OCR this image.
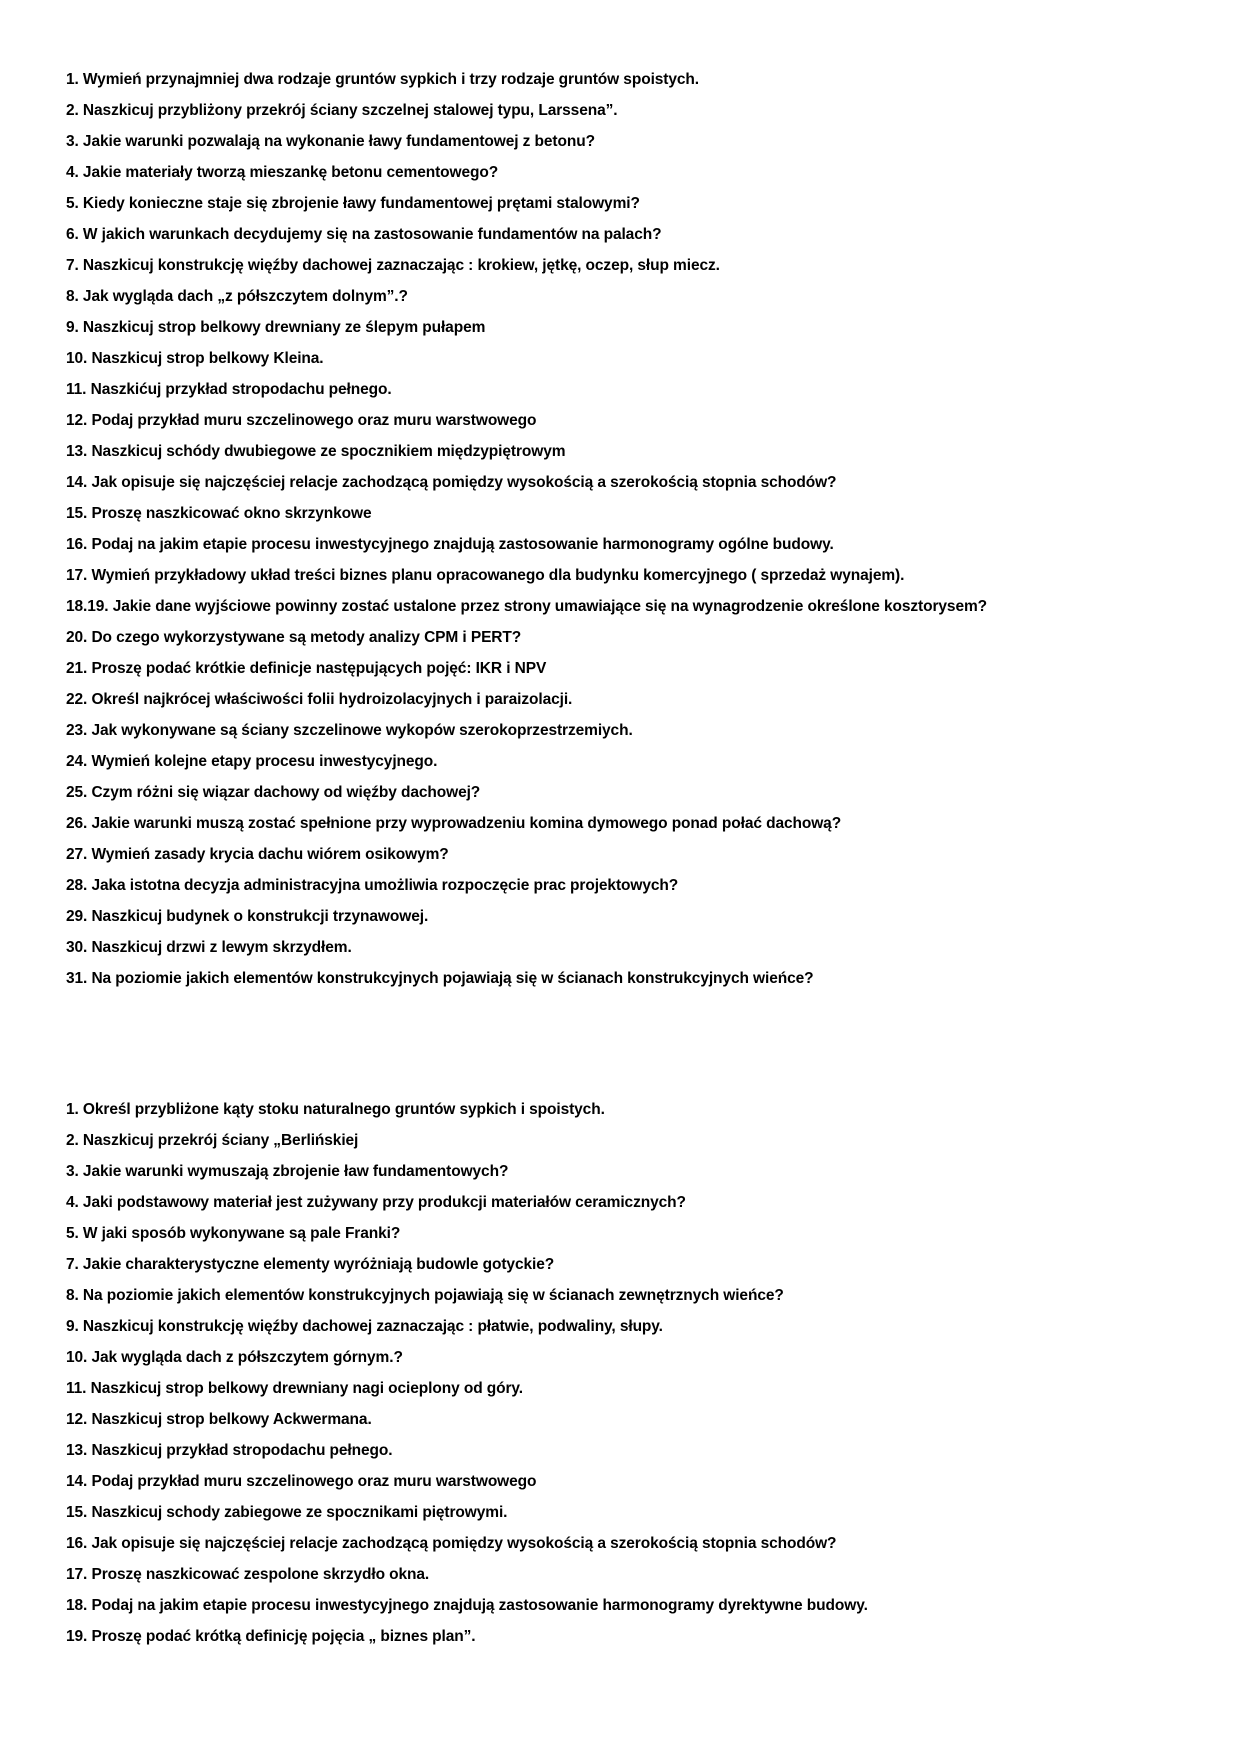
1. Wymień przynajmniej dwa rodzaje gruntów sypkich i trzy rodzaje gruntów spoistych.
2. Naszkicuj przybliżony przekrój ściany szczelnej stalowej typu, Larssena”.
3. Jakie warunki pozwalają na wykonanie ławy fundamentowej z betonu?
4. Jakie materiały tworzą mieszankę betonu cementowego?
5. Kiedy konieczne staje się zbrojenie ławy fundamentowej prętami stalowymi?
6. W jakich warunkach decydujemy się na zastosowanie fundamentów na palach?
7. Naszkicuj konstrukcję więźby dachowej zaznaczając : krokiew, jętkę, oczep, słup miecz.
8. Jak wygląda dach „z półszczytem dolnym”.?
9. Naszkicuj strop belkowy drewniany ze ślepym pułapem
10. Naszkicuj strop belkowy Kleina.
11. Naszkićuj przykład stropodachu pełnego.
12. Podaj przykład muru szczelinowego oraz muru warstwowego
13. Naszkicuj schódy dwubiegowe ze spocznikiem międzypiętrowym
14. Jak opisuje się najczęściej relacje zachodzącą pomiędzy wysokością a szerokością stopnia schodów?
15. Proszę naszkicować okno skrzynkowe
16. Podaj na jakim etapie procesu inwestycyjnego znajdują zastosowanie harmonogramy ogólne budowy.
17. Wymień przykładowy układ treści biznes planu opracowanego dla budynku komercyjnego ( sprzedaż wynajem).
18.19. Jakie dane wyjściowe powinny zostać ustalone przez strony umawiające się na wynagrodzenie określone kosztorysem?
20. Do czego wykorzystywane są metody analizy CPM i PERT?
21. Proszę podać krótkie definicje następujących pojęć: IKR i NPV
22. Określ najkrócej właściwości folii hydroizolacyjnych i paraizolacji.
23. Jak wykonywane są ściany szczelinowe wykopów szerokoprzestrzemiych.
24. Wymień kolejne etapy procesu inwestycyjnego.
25. Czym różni się wiązar dachowy od więźby dachowej?
26. Jakie warunki muszą zostać spełnione przy wyprowadzeniu komina dymowego ponad połać dachową?
27. Wymień zasady krycia dachu wiórem osikowym?
28. Jaka istotna decyzja administracyjna umożliwia rozpoczęcie prac projektowych?
29. Naszkicuj budynek o konstrukcji trzynawowej.
30. Naszkicuj drzwi z lewym skrzydłem.
31. Na poziomie jakich elementów konstrukcyjnych pojawiają się w ścianach konstrukcyjnych wieńce?
1. Określ przybliżone kąty stoku naturalnego gruntów sypkich i spoistych.
2. Naszkicuj przekrój ściany „Berlińskiej
3. Jakie warunki wymuszają zbrojenie ław fundamentowych?
4. Jaki podstawowy materiał jest zużywany przy produkcji materiałów ceramicznych?
5. W jaki sposób wykonywane są pale Franki?
7. Jakie charakterystyczne elementy wyróżniają budowle gotyckie?
8. Na poziomie jakich elementów konstrukcyjnych pojawiają się w ścianach zewnętrznych wieńce?
9. Naszkicuj konstrukcję więźby dachowej zaznaczając : płatwie, podwaliny, słupy.
10. Jak wygląda dach z półszczytem górnym.?
11. Naszkicuj strop belkowy drewniany nagi ocieplony od góry.
12. Naszkicuj strop belkowy Ackwermana.
13. Naszkicuj przykład stropodachu pełnego.
14. Podaj przykład muru szczelinowego oraz muru warstwowego
15. Naszkicuj schody zabiegowe ze spocznikami piętrowymi.
16. Jak opisuje się najczęściej relacje zachodzącą pomiędzy wysokością a szerokością stopnia schodów?
17. Proszę naszkicować zespolone skrzydło okna.
18. Podaj na jakim etapie procesu inwestycyjnego znajdują zastosowanie harmonogramy dyrektywne budowy.
19. Proszę podać krótką definicję pojęcia „ biznes plan”.
